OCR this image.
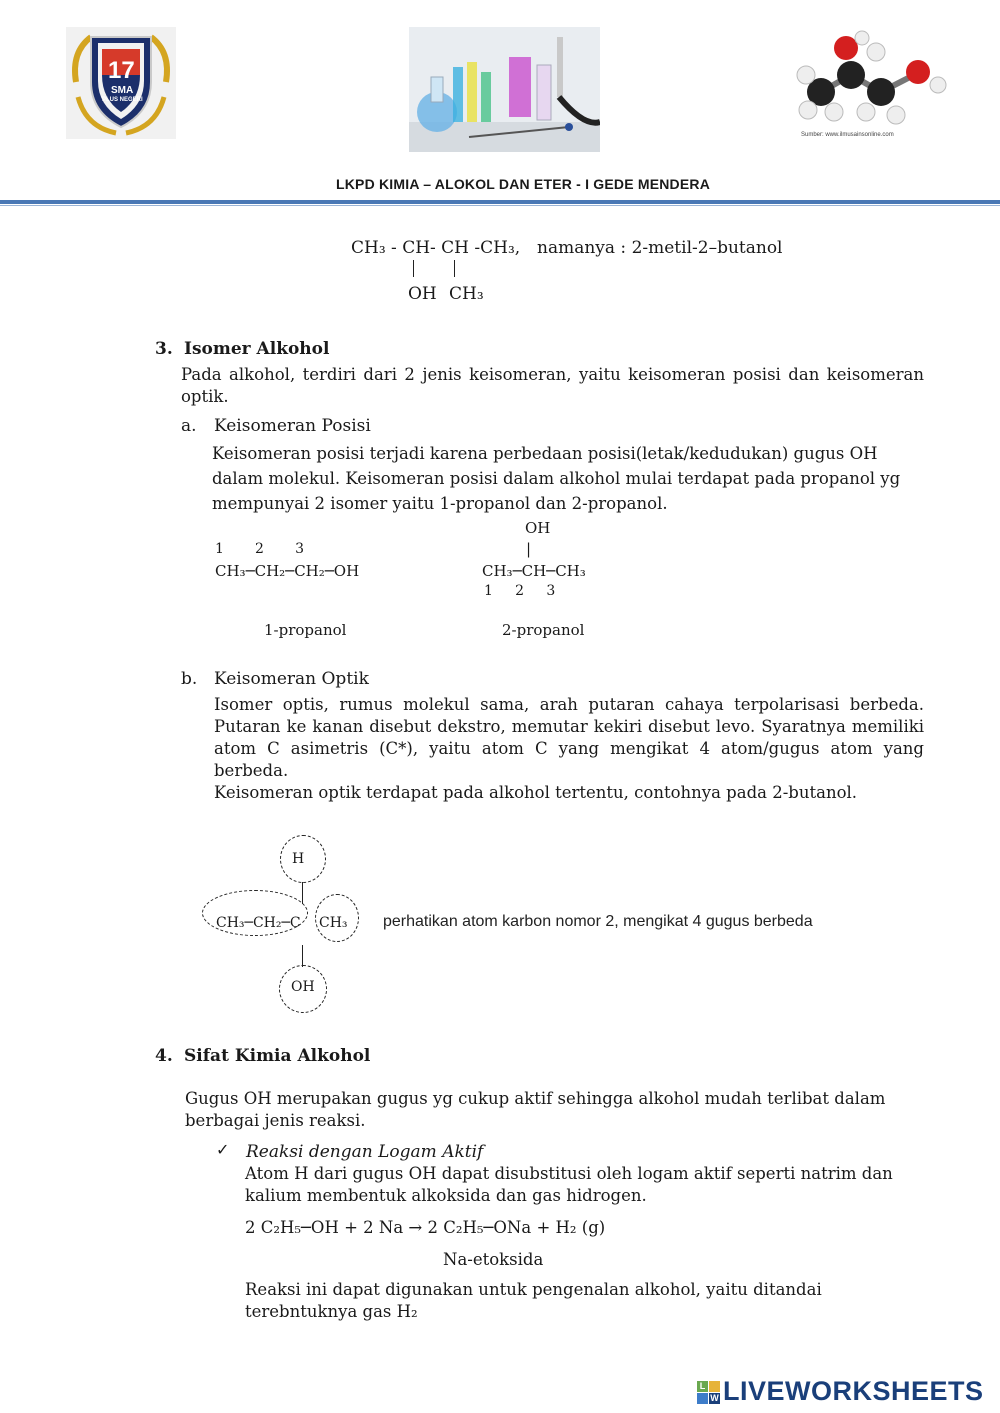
17
SMA
PLUS NEGERI
Sumber: www.ilmusainsonline.com
LKPD KIMIA – ALOKOL DAN ETER - I GEDE MENDERA
CH₃ - CH- CH -CH₃, namanya : 2-metil-2–butanol
OH CH₃
3. Isomer Alkohol
Pada alkohol, terdiri dari 2 jenis keisomeran, yaitu keisomeran posisi dan keisomeran optik.
a. Keisomeran Posisi
Keisomeran posisi terjadi karena perbedaan posisi(letak/kedudukan) gugus OH dalam molekul. Keisomeran posisi dalam alkohol mulai terdapat pada propanol yg mempunyai 2 isomer yaitu 1-propanol dan 2-propanol.
1       2       3
CH₃─CH₂─CH₂─OH
1-propanol
OH
|
CH₃─CH─CH₃
1     2     3
2-propanol
b. Keisomeran Optik
Isomer optis, rumus molekul sama, arah putaran cahaya terpolarisasi berbeda. Putaran ke kanan disebut dekstro, memutar kekiri disebut levo. Syaratnya memiliki atom C asimetris (C*), yaitu atom C yang mengikat 4 atom/gugus atom yang berbeda.
Keisomeran optik terdapat pada alkohol tertentu, contohnya pada 2-butanol.
H
CH₃─CH₂─C CH₃
OH
perhatikan atom karbon nomor 2, mengikat 4 gugus berbeda
4. Sifat Kimia Alkohol
Gugus OH merupakan gugus yg cukup aktif sehingga alkohol mudah terlibat dalam berbagai jenis reaksi.
✓ Reaksi dengan Logam Aktif
Atom H dari gugus OH dapat disubstitusi oleh logam aktif seperti natrim dan kalium membentuk alkoksida dan gas hidrogen.
2 C₂H₅─OH + 2 Na → 2 C₂H₅─ONa + H₂ (g)
Na-etoksida
Reaksi ini dapat digunakan untuk pengenalan alkohol, yaitu ditandai terebntuknya gas H₂
L
W LIVEWORKSHEETS
